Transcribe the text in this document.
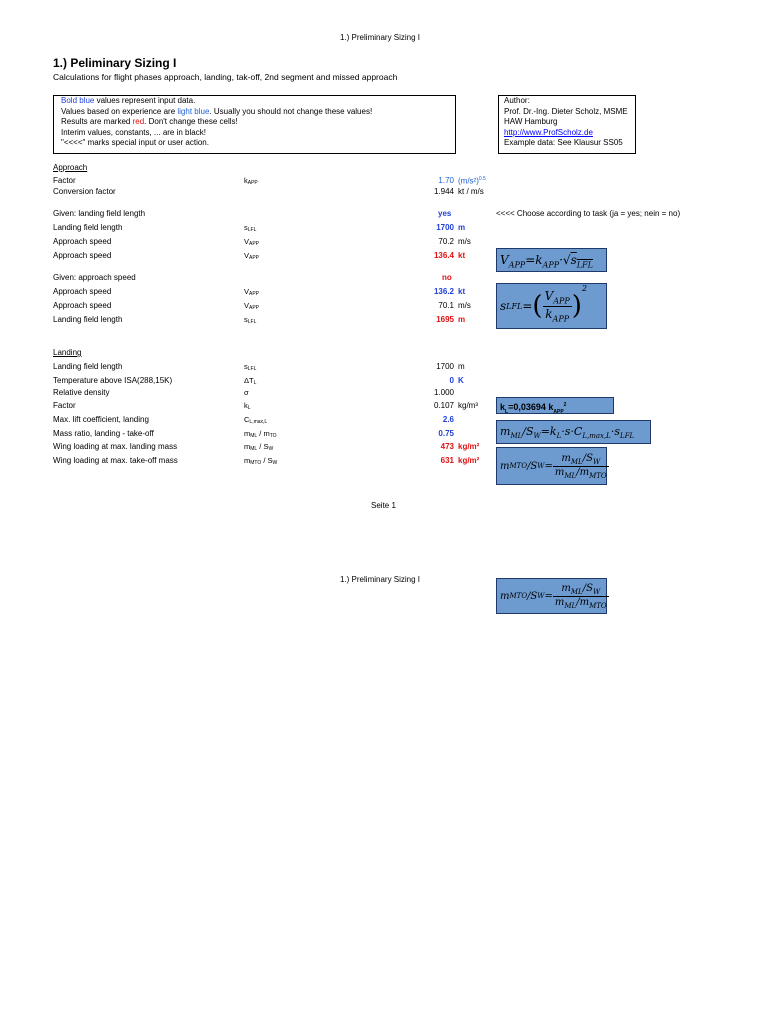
1.) Preliminary Sizing I
1.) Peliminary Sizing I
Calculations for flight phases approach, landing, tak-off, 2nd segment and missed approach
Bold blue values represent input data.
Values based on experience are light blue. Usually you should not change these values!
Results are marked red. Don't change these cells!
Interim values, constants, ... are in black!
"<<<<" marks special input or user action.
Author:
Prof. Dr.-Ing. Dieter Scholz, MSME
HAW Hamburg
http://www.ProfScholz.de
Example data: See Klausur SS05
Approach
Factor	$k_{APP}$	1.70 $(m/s^2)^{0.5}$
Conversion factor	1.944 kt / m/s
Given: landing field length	yes	<<<< Choose according to task (ja = yes; nein = no)
Landing field length	$s_{LFL}$	1700 m
Approach speed	$V_{APP}$	70.2 m/s
Approach speed	$V_{APP}$	136.4 kt	$V_{APP}=k_{APP}\cdot√s_{LFL}$
Given: approach speed	no
Approach speed	$V_{APP}$	136.2 kt
Approach speed	$V_{APP}$	70.1 m/s
Landing field length	$s_{LFL}$	1695 m
s LFL = ( $\frac{V_{APP}}{k_{APP}}$ )
$^2$
Landing
Landing field length	$s_{LFL}$	1700 m
Temperature above ISA(288,15K)	$\Delta T_L$	0 K
Relative density	σ	1.000
Factor	$k_L$	0.107 kg/m³	$k_L=0,03694$ $k_{APP}^2$
Max. lift coefficient, landing	$C_{L,max,L}$	2.6
Mass ratio, landing - take-off	$m_{ML} / m_{TO}$	0.75
Wing loading at max. landing mass	$m_{ML} / S_W$	473 kg/m²
Wing loading at max. take-off mass	$m_{MTO} / S_W$	631 kg/m²
$m_{ML}/S_W=k_L\cdot s\cdot C_{L,max,L}\cdot s_{LFL}$
m MTO /S $W = \frac{m_{ML}/S_W}{m_{ML}/m_{MTO}}$
Seite 1
1.) Preliminary Sizing I
m MTO /S $W = \frac{m_{ML}/S_W}{m_{ML}/m_{MTO}}$
